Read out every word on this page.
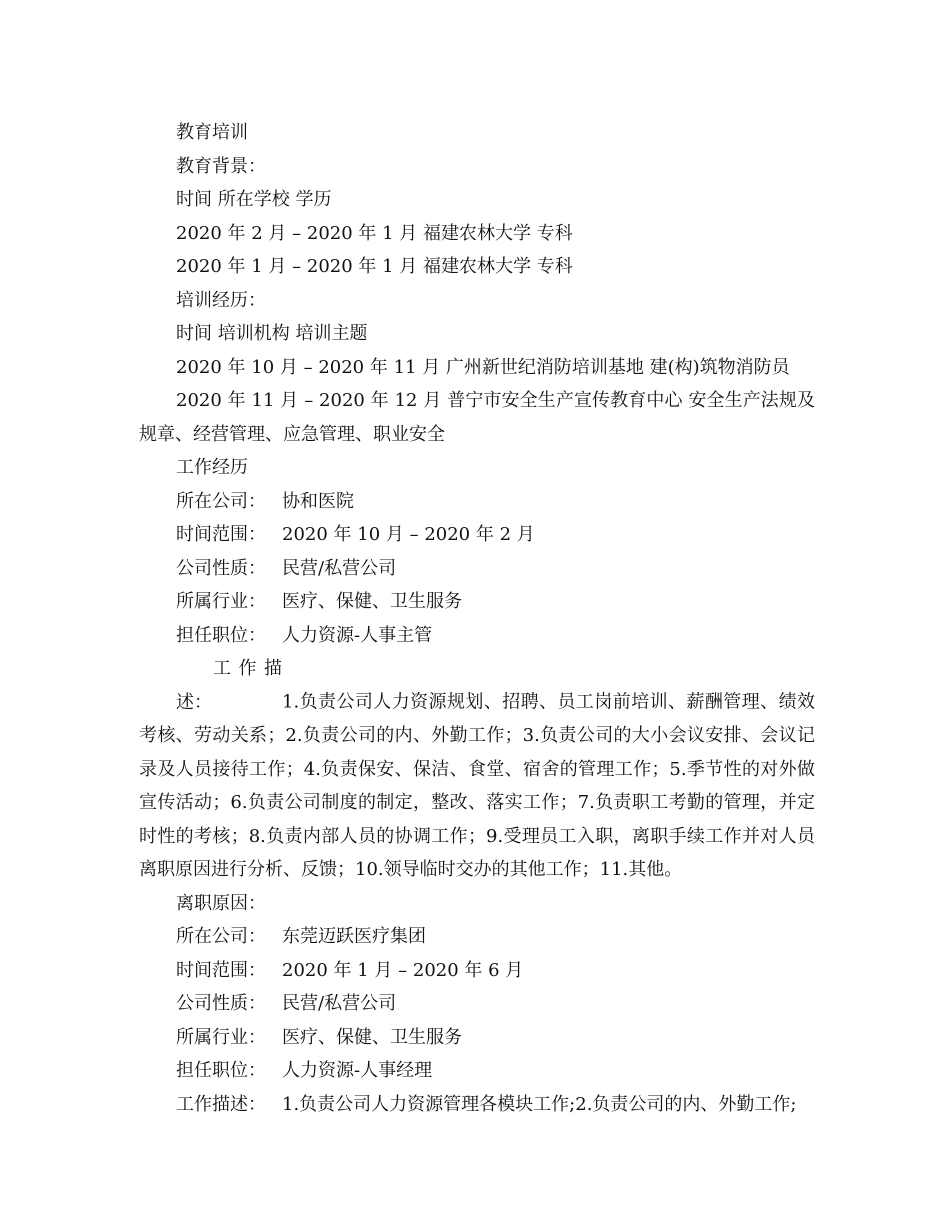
教育培训
教育背景：
时间 所在学校 学历
2020 年 2 月 – 2020 年 1 月 福建农林大学 专科
2020 年 1 月 – 2020 年 1 月 福建农林大学 专科
培训经历：
时间 培训机构 培训主题
2020 年 10 月 – 2020 年 11 月 广州新世纪消防培训基地 建(构)筑物消防员
2020 年 11 月 – 2020 年 12 月 普宁市安全生产宣传教育中心 安全生产法规及规章、经营管理、应急管理、职业安全
工作经历
所在公司： 协和医院
时间范围： 2020 年 10 月 – 2020 年 2 月
公司性质： 民营/私营公司
所属行业： 医疗、保健、卫生服务
担任职位： 人力资源-人事主管
工作描述：	1.负责公司人力资源规划、招聘、员工岗前培训、薪酬管理、绩效考核、劳动关系；2.负责公司的内、外勤工作；3.负责公司的大小会议安排、会议记录及人员接待工作；4.负责保安、保洁、食堂、宿舍的管理工作；5.季节性的对外做宣传活动；6.负责公司制度的制定，整改、落实工作；7.负责职工考勤的管理，并定时性的考核；8.负责内部人员的协调工作；9.受理员工入职，离职手续工作并对人员离职原因进行分析、反馈；10.领导临时交办的其他工作；11.其他。
离职原因：
所在公司： 东莞迈跃医疗集团
时间范围： 2020 年 1 月 – 2020 年 6 月
公司性质： 民营/私营公司
所属行业： 医疗、保健、卫生服务
担任职位： 人力资源-人事经理
工作描述： 1.负责公司人力资源管理各模块工作;2.负责公司的内、外勤工作;
